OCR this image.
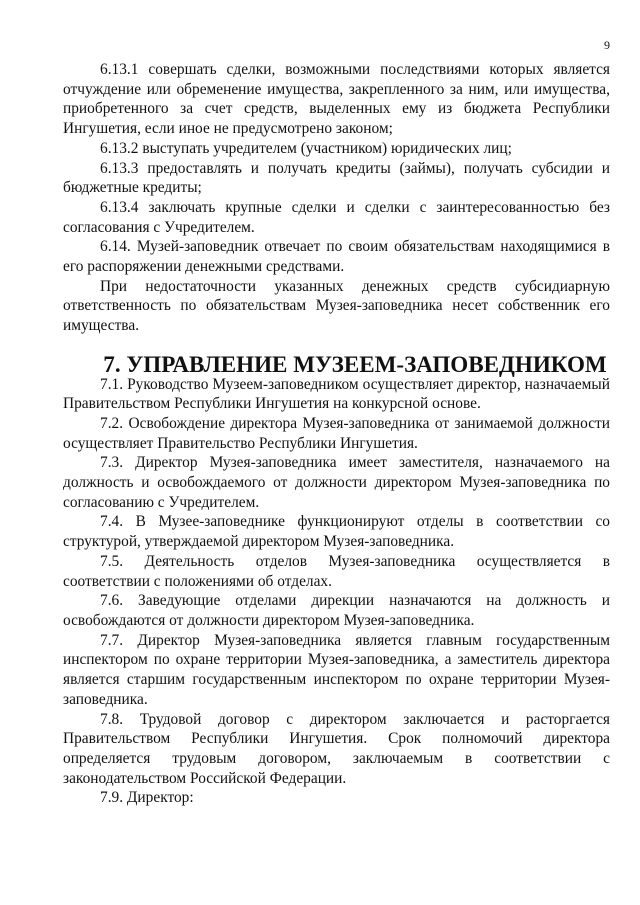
9

6.13.1 совершать сделки, возможными последствиями которых является отчуждение или обременение имущества, закрепленного за ним, или имущества, приобретенного за счет средств, выделенных ему из бюджета Республики Ингушетия, если иное не предусмотрено законом;

6.13.2 выступать учредителем (участником) юридических лиц;

6.13.3 предоставлять и получать кредиты (займы), получать субсидии и бюджетные кредиты;

6.13.4 заключать крупные сделки и сделки с заинтересованностью без согласования с Учредителем.

6.14. Музей-заповедник отвечает по своим обязательствам находящимися в его распоряжении денежными средствами.

При недостаточности указанных денежных средств субсидиарную ответственность по обязательствам Музея-заповедника несет собственник его имущества.

7. УПРАВЛЕНИЕ МУЗЕЕМ-ЗАПОВЕДНИКОМ

7.1. Руководство Музеем-заповедником осуществляет директор, назначаемый Правительством Республики Ингушетия на конкурсной основе.

7.2. Освобождение директора Музея-заповедника от занимаемой должности осуществляет Правительство Республики Ингушетия.

7.3. Директор Музея-заповедника имеет заместителя, назначаемого на должность и освобождаемого от должности директором Музея-заповедника по согласованию с Учредителем.

7.4. В Музее-заповеднике функционируют отделы в соответствии со структурой, утверждаемой директором Музея-заповедника.

7.5. Деятельность отделов Музея-заповедника осуществляется в соответствии с положениями об отделах.

7.6. Заведующие отделами дирекции назначаются на должность и освобождаются от должности директором Музея-заповедника.

7.7. Директор Музея-заповедника является главным государственным инспектором по охране территории Музея-заповедника, а заместитель директора является старшим государственным инспектором по охране территории Музея-заповедника.

7.8. Трудовой договор с директором заключается и расторгается Правительством Республики Ингушетия. Срок полномочий директора определяется трудовым договором, заключаемым в соответствии с законодательством Российской Федерации.

7.9. Директор:
